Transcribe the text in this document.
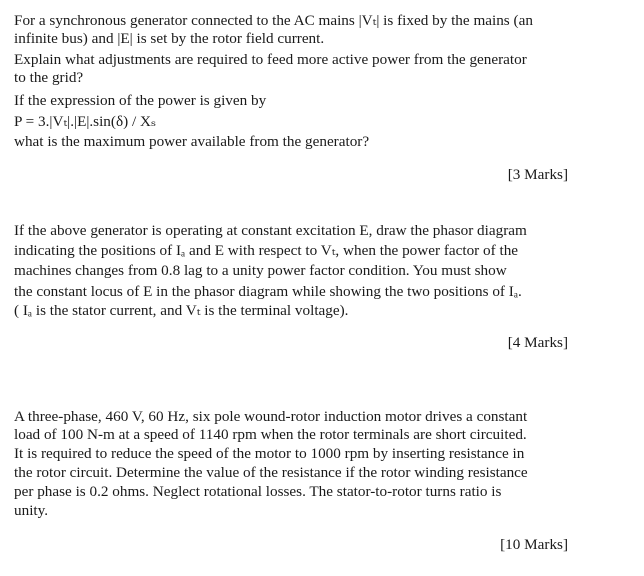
For a synchronous generator connected to the AC mains |Vₜ| is fixed by the mains (an
infinite bus) and |E| is set by the rotor field current.
Explain what adjustments are required to feed more active power from the generator
to the grid?
If the expression of the power is given by
P = 3.|Vₜ|.|E|.sin(δ) / Xₛ
what is the maximum power available from the generator?
[3 Marks]
If the above generator is operating at constant excitation E, draw the phasor diagram
indicating the positions of Iₐ and E with respect to Vₜ, when the power factor of the
machines changes from 0.8 lag to a unity power factor condition. You must show
the constant locus of E in the phasor diagram while showing the two positions of Iₐ.
( Iₐ is the stator current, and Vₜ is the terminal voltage).
[4 Marks]
A three-phase, 460 V, 60 Hz, six pole wound-rotor induction motor drives a constant
load of 100 N-m at a speed of 1140 rpm when the rotor terminals are short circuited.
It is required to reduce the speed of the motor to 1000 rpm by inserting resistance in
the rotor circuit. Determine the value of the resistance if the rotor winding resistance
per phase is 0.2 ohms. Neglect rotational losses. The stator-to-rotor turns ratio is
unity.
[10 Marks]
